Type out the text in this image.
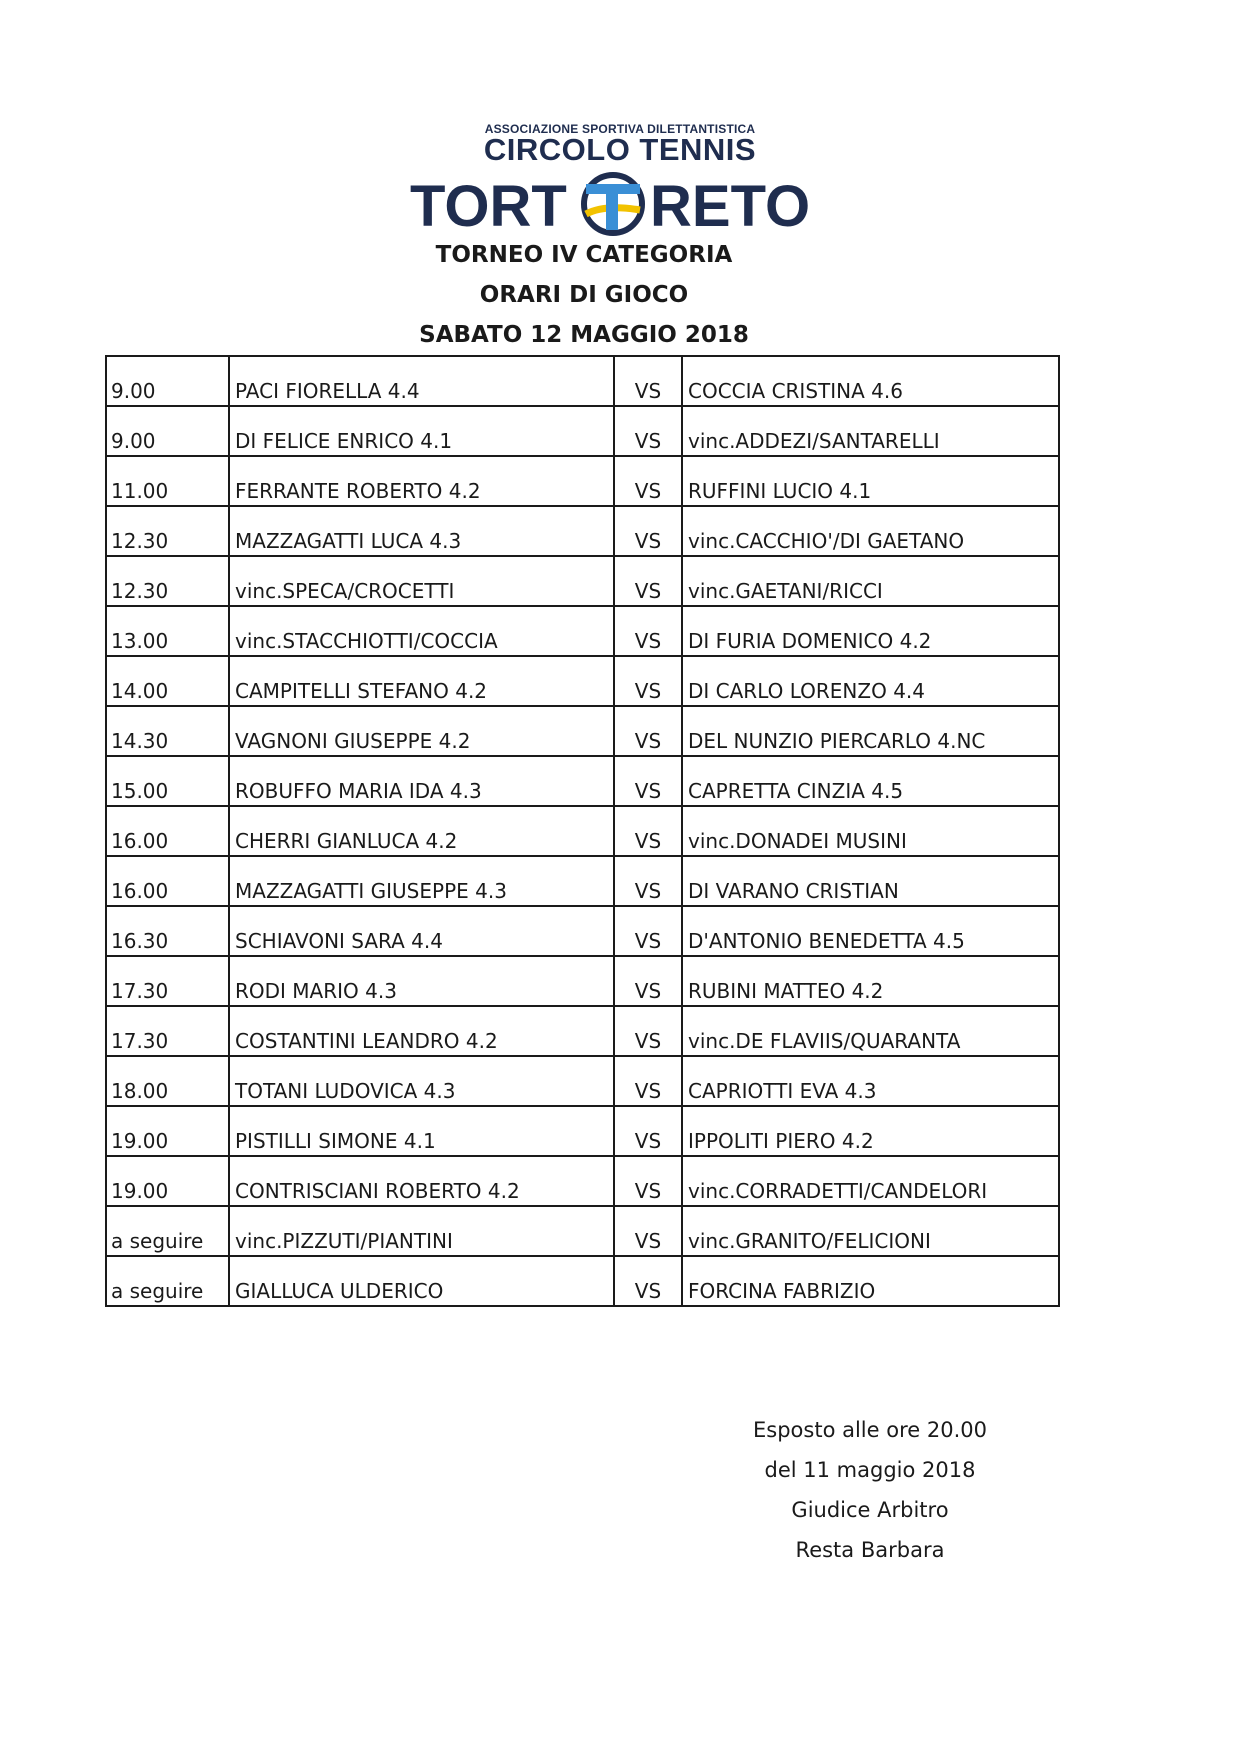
ASSOCIAZIONE SPORTIVA DILETTANTISTICA
CIRCOLO TENNIS
TORT RETO
TORNEO IV CATEGORIA
ORARI DI GIOCO
SABATO 12 MAGGIO 2018
9.00	PACI FIORELLA 4.4	VS	COCCIA CRISTINA 4.6
9.00	DI FELICE ENRICO 4.1	VS	vinc.ADDEZI/SANTARELLI
11.00	FERRANTE ROBERTO 4.2	VS	RUFFINI LUCIO 4.1
12.30	MAZZAGATTI LUCA 4.3	VS	vinc.CACCHIO'/DI GAETANO
12.30	vinc.SPECA/CROCETTI	VS	vinc.GAETANI/RICCI
13.00	vinc.STACCHIOTTI/COCCIA	VS	DI FURIA DOMENICO 4.2
14.00	CAMPITELLI STEFANO 4.2	VS	DI CARLO LORENZO 4.4
14.30	VAGNONI GIUSEPPE 4.2	VS	DEL NUNZIO PIERCARLO 4.NC
15.00	ROBUFFO MARIA IDA 4.3	VS	CAPRETTA CINZIA 4.5
16.00	CHERRI GIANLUCA 4.2	VS	vinc.DONADEI MUSINI
16.00	MAZZAGATTI GIUSEPPE 4.3	VS	DI VARANO CRISTIAN
16.30	SCHIAVONI SARA 4.4	VS	D'ANTONIO BENEDETTA 4.5
17.30	RODI MARIO 4.3	VS	RUBINI MATTEO 4.2
17.30	COSTANTINI LEANDRO 4.2	VS	vinc.DE FLAVIIS/QUARANTA
18.00	TOTANI LUDOVICA 4.3	VS	CAPRIOTTI EVA 4.3
19.00	PISTILLI SIMONE 4.1	VS	IPPOLITI PIERO 4.2
19.00	CONTRISCIANI ROBERTO 4.2	VS	vinc.CORRADETTI/CANDELORI
a seguire	vinc.PIZZUTI/PIANTINI	VS	vinc.GRANITO/FELICIONI
a seguire	GIALLUCA ULDERICO	VS	FORCINA FABRIZIO
Esposto alle ore 20.00
del 11 maggio 2018
Giudice Arbitro
Resta Barbara
